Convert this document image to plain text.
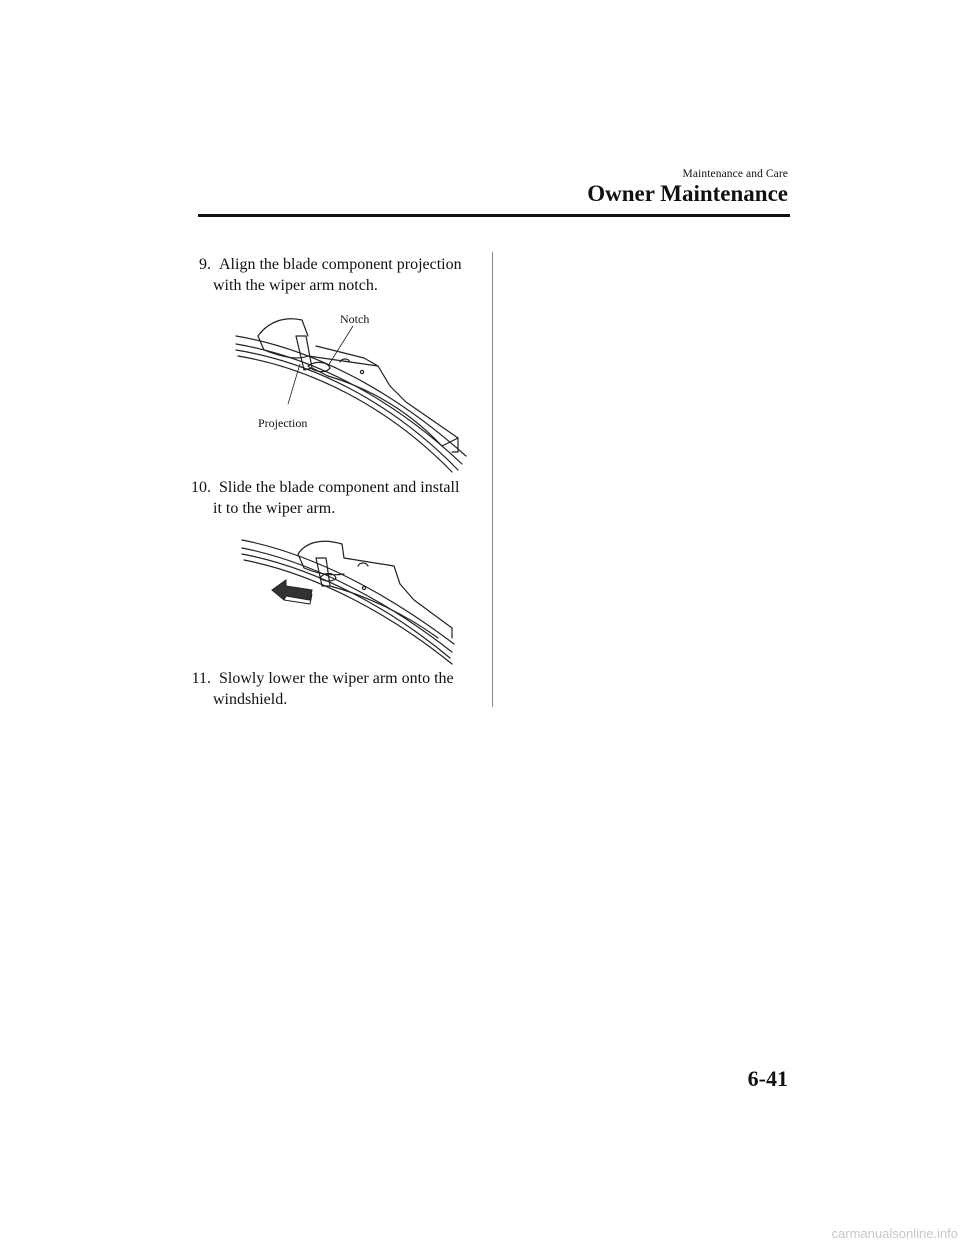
Maintenance and Care
Owner Maintenance
9. Align the blade component projection
with the wiper arm notch.
Notch
Projection
10. Slide the blade component and install
it to the wiper arm.
11. Slowly lower the wiper arm onto the
windshield.
6-41
carmanualsonline.info
